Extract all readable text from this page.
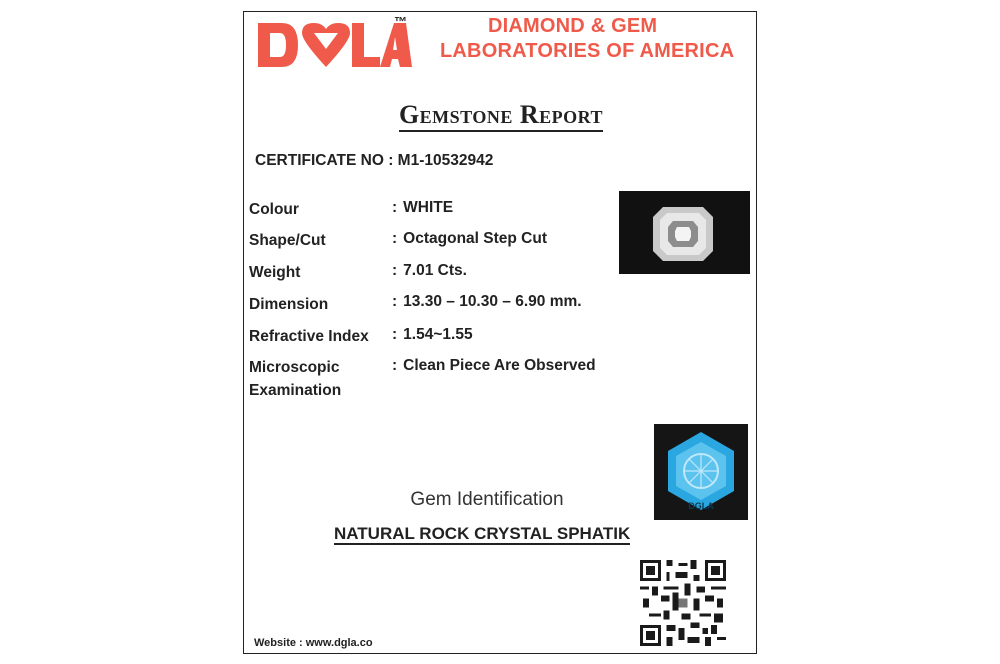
™	DIAMOND & GEM
LABORATORIES OF AMERICA
Gemstone Report
CERTIFICATE NO : M1-10532942
Colour	: WHITE
Shape/Cut	: Octagonal Step Cut
Weight	: 7.01 Cts.
Dimension	: 13.30 – 10.30 – 6.90 mm.
Refractive Index : 1.54~1.55
Microscopic
Examination
: Clean Piece Are Observed
DGLA
Gem Identification
NATURAL ROCK CRYSTAL SPHATIK
Website : www.dgla.co
